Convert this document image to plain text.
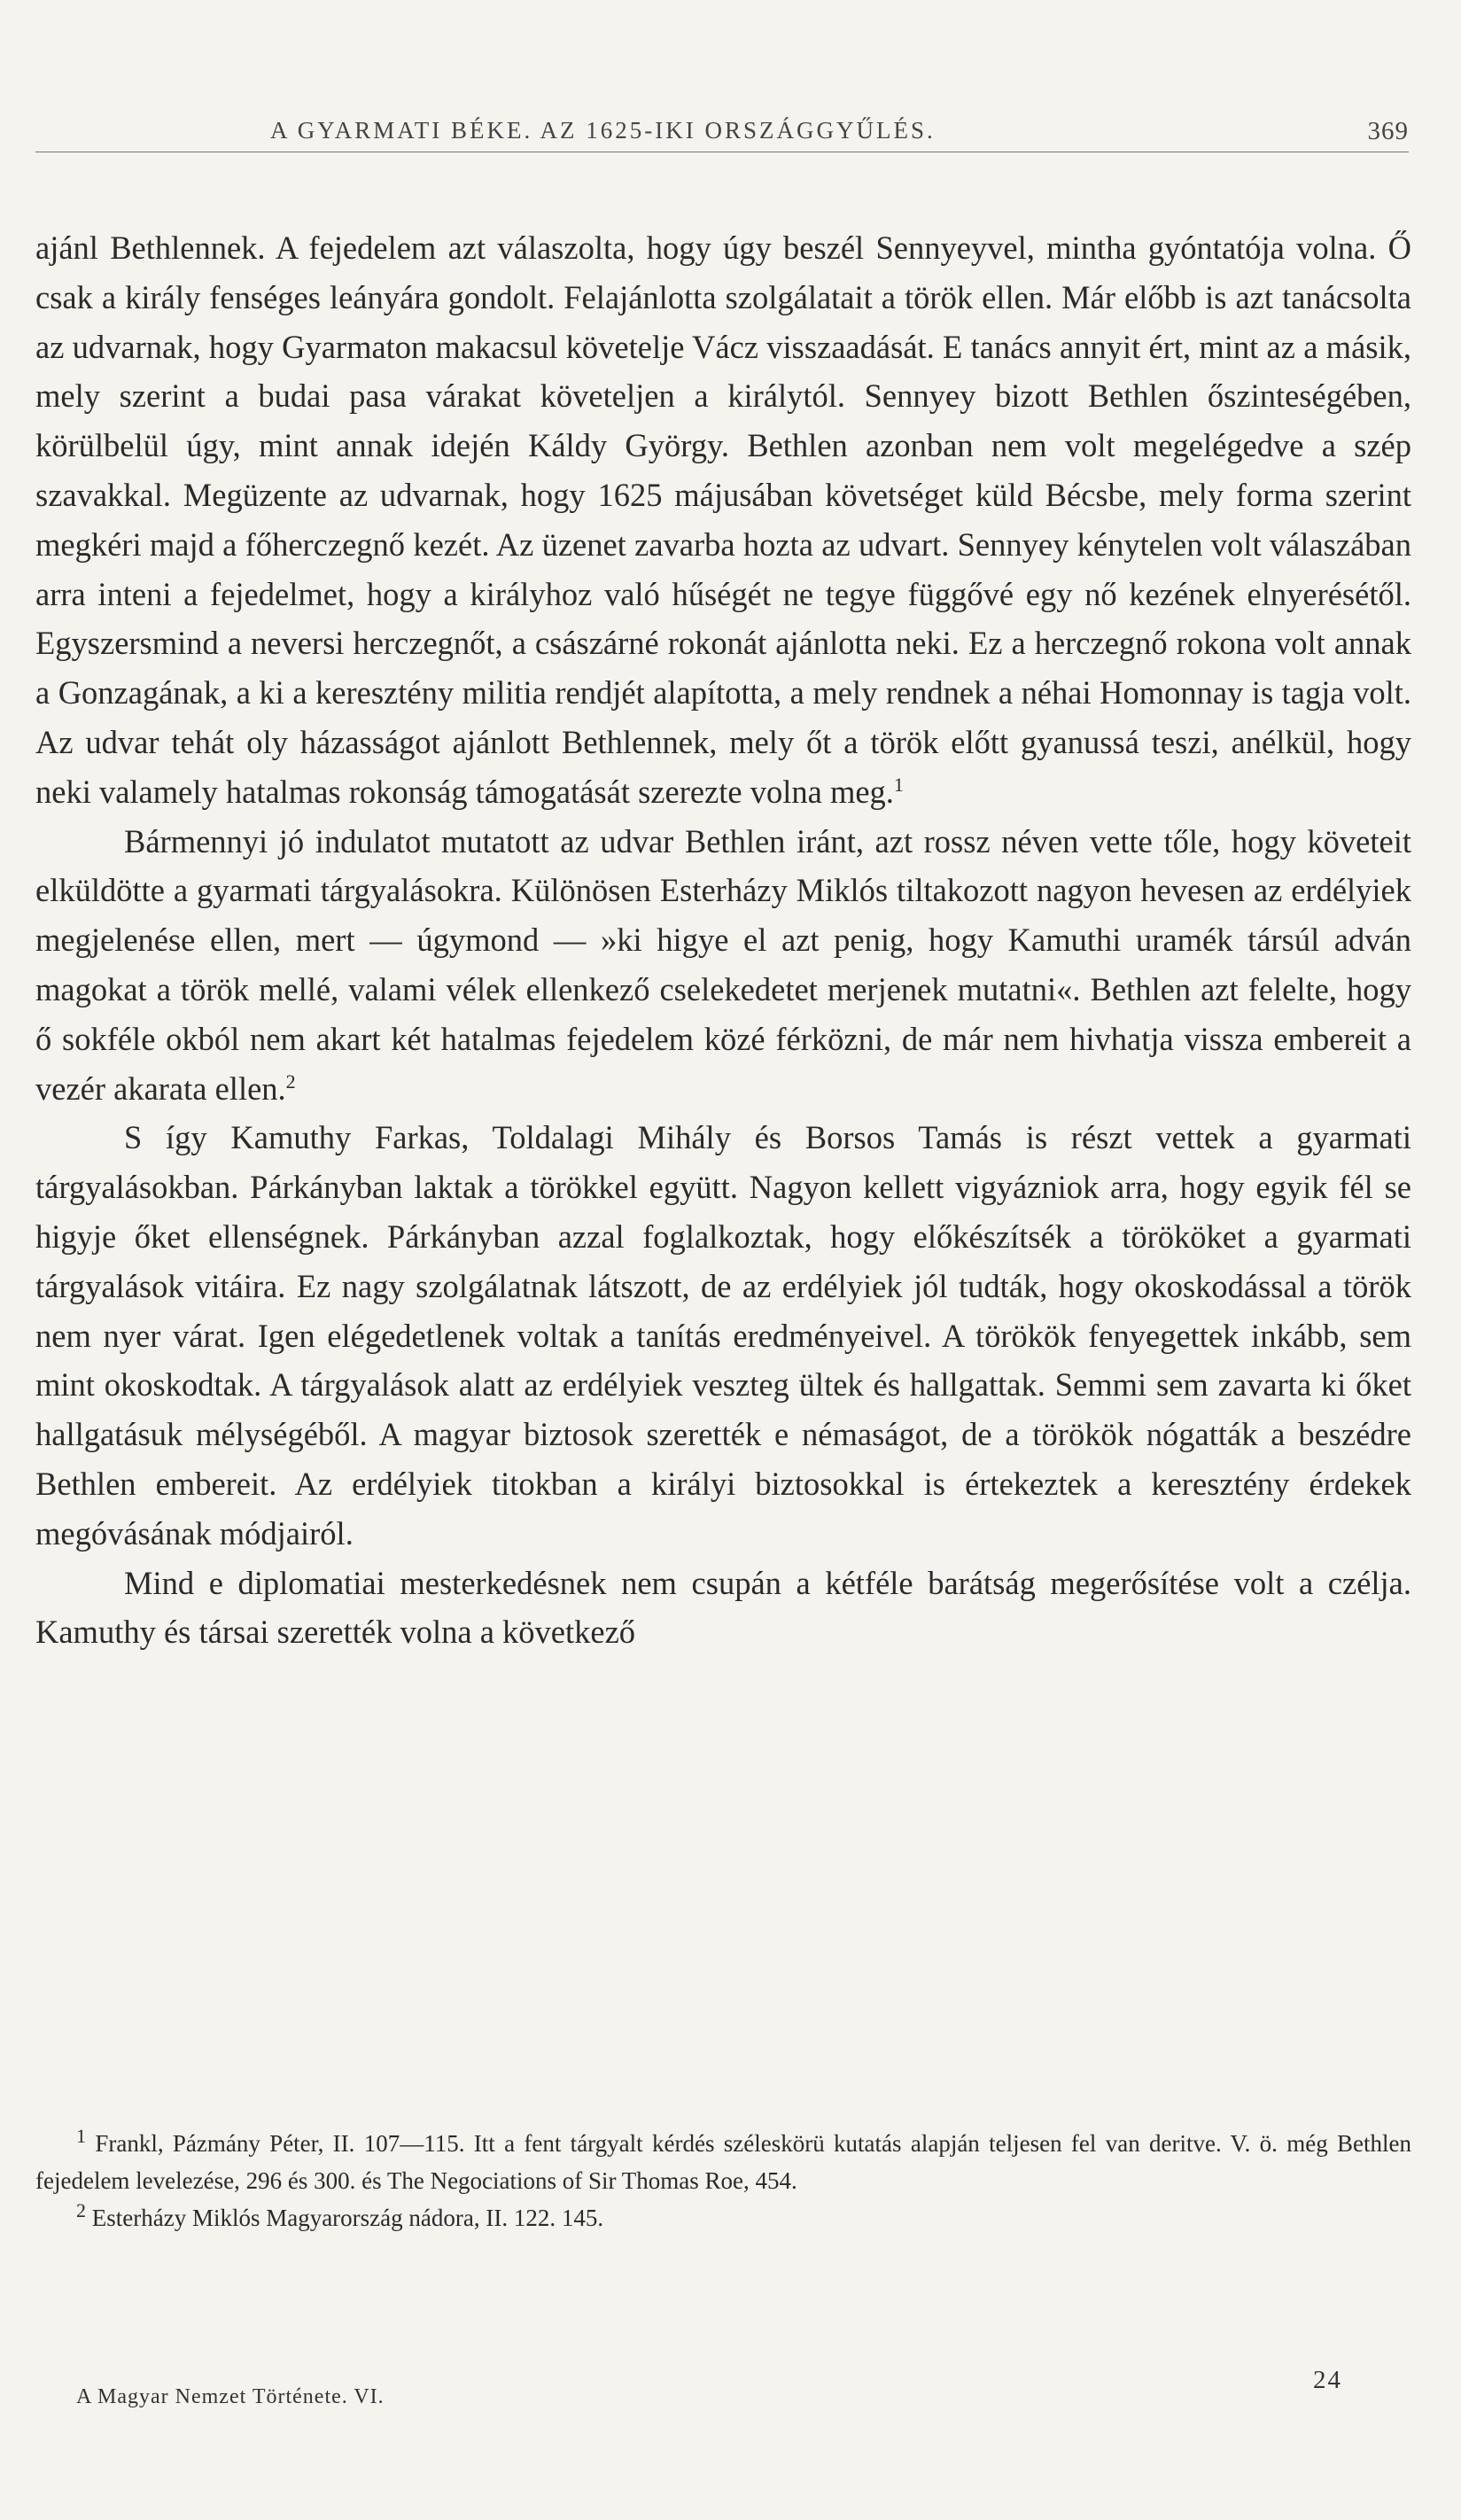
A GYARMATI BÉKE. AZ 1625-IKI ORSZÁGGYŰLÉS.	369

ajánl Bethlennek. A fejedelem azt válaszolta, hogy úgy beszél Sennyeyvel, mintha gyóntatója volna. Ő csak a király fenséges leányára gondolt. Felajánlotta szolgálatait a török ellen. Már előbb is azt tanácsolta az udvarnak, hogy Gyarmaton makacsul követelje Vácz visszaadását. E tanács annyit ért, mint az a másik, mely szerint a budai pasa várakat követeljen a királytól. Sennyey bizott Bethlen őszinteségében, körülbelül úgy, mint annak idején Káldy György. Bethlen azonban nem volt megelégedve a szép szavakkal. Megüzente az udvarnak, hogy 1625 májusában követséget küld Bécsbe, mely forma szerint megkéri majd a főherczegnő kezét. Az üzenet zavarba hozta az udvart. Sennyey kénytelen volt válaszában arra inteni a fejedelmet, hogy a királyhoz való hűségét ne tegye függővé egy nő kezének elnyerésétől. Egyszersmind a neversi herczegnőt, a császárné rokonát ajánlotta neki. Ez a herczegnő rokona volt annak a Gonzagának, a ki a keresztény militia rendjét alapította, a mely rendnek a néhai Homonnay is tagja volt. Az udvar tehát oly házasságot ajánlott Bethlennek, mely őt a török előtt gyanussá teszi, anélkül, hogy neki valamely hatalmas rokonság támogatását szerezte volna meg.$^1$

Bármennyi jó indulatot mutatott az udvar Bethlen iránt, azt rossz néven vette tőle, hogy követeit elküldötte a gyarmati tárgyalásokra. Különösen Esterházy Miklós tiltakozott nagyon hevesen az erdélyiek megjelenése ellen, mert — úgymond — »ki higye el azt penig, hogy Kamuthi uramék társúl adván magokat a török mellé, valami vélek ellenkező cselekedetet merjenek mutatni«. Bethlen azt felelte, hogy ő sokféle okból nem akart két hatalmas fejedelem közé férközni, de már nem hivhatja vissza embereit a vezér akarata ellen.$^2$

S így Kamuthy Farkas, Toldalagi Mihály és Borsos Tamás is részt vettek a gyarmati tárgyalásokban. Párkányban laktak a törökkel együtt. Nagyon kellett vigyázniok arra, hogy egyik fél se higyje őket ellenségnek. Párkányban azzal foglalkoztak, hogy előkészítsék a törököket a gyarmati tárgyalások vitáira. Ez nagy szolgálatnak látszott, de az erdélyiek jól tudták, hogy okoskodással a török nem nyer várat. Igen elégedetlenek voltak a tanítás eredményeivel. A törökök fenyegettek inkább, sem mint okoskodtak. A tárgyalások alatt az erdélyiek veszteg ültek és hallgattak. Semmi sem zavarta ki őket hallgatásuk mélységéből. A magyar biztosok szerették e némaságot, de a törökök nógatták a beszédre Bethlen embereit. Az erdélyiek titokban a királyi biztosokkal is értekeztek a keresztény érdekek megóvásának módjairól.

Mind e diplomatiai mesterkedésnek nem csupán a kétféle barátság megerősítése volt a czélja. Kamuthy és társai szerették volna a következő

$^1$ Frankl, Pázmány Péter, II. 107—115. Itt a fent tárgyalt kérdés széleskörü kutatás alapján teljesen fel van deritve. V. ö. még Bethlen fejedelem levelezése, 296 és 300. és The Negociations of Sir Thomas Roe, 454.

$^2$ Esterházy Miklós Magyarország nádora, II. 122. 145.

A Magyar Nemzet Története. VI.
24
